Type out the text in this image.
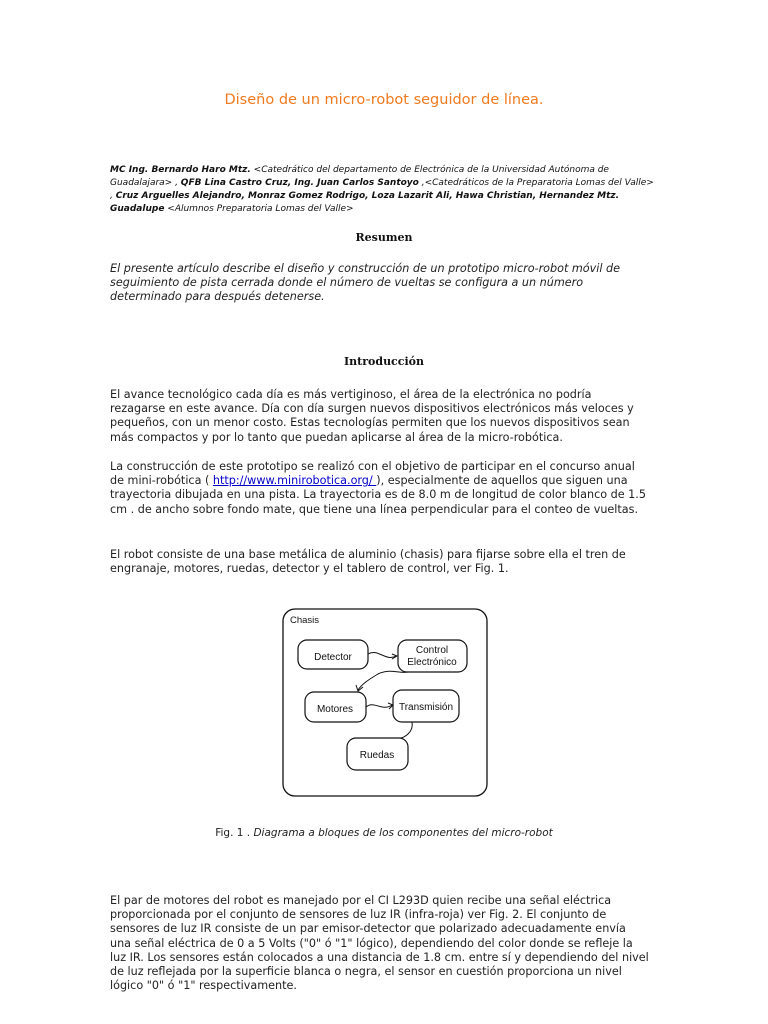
Diseño de un micro-robot seguidor de línea.
MC Ing. Bernardo Haro Mtz. <Catedrático del departamento de Electrónica de la Universidad Autónoma de Guadalajara> , QFB Lina Castro Cruz, Ing. Juan Carlos Santoyo ,<Catedráticos de la Preparatoria Lomas del Valle> , Cruz Arguelles Alejandro, Monraz Gomez Rodrigo, Loza Lazarit Ali, Hawa Christian, Hernandez Mtz. Guadalupe <Alumnos Preparatoria Lomas del Valle>
Resumen
El presente artículo describe el diseño y construcción de un prototipo micro-robot móvil de seguimiento de pista cerrada donde el número de vueltas se configura a un número determinado para después detenerse.
Introducción
El avance tecnológico cada día es más vertiginoso, el área de la electrónica no podría rezagarse en este avance. Día con día surgen nuevos dispositivos electrónicos más veloces y pequeños, con un menor costo. Estas tecnologías permiten que los nuevos dispositivos sean más compactos y por lo tanto que puedan aplicarse al área de la micro-robótica.
La construcción de este prototipo se realizó con el objetivo de participar en el concurso anual de mini-robótica ( http://www.minirobotica.org/ ), especialmente de aquellos que siguen una trayectoria dibujada en una pista. La trayectoria es de 8.0 m de longitud de color blanco de 1.5 cm . de ancho sobre fondo mate, que tiene una línea perpendicular para el conteo de vueltas.
El robot consiste de una base metálica de aluminio (chasis) para fijarse sobre ella el tren de engranaje, motores, ruedas, detector y el tablero de control, ver Fig. 1.
Chasis
Detector
Control
Electrónico
Motores	Transmisión
Ruedas
Fig. 1 . Diagrama a bloques de los componentes del micro-robot
El par de motores del robot es manejado por el CI L293D quien recibe una señal eléctrica proporcionada por el conjunto de sensores de luz IR (infra-roja) ver Fig. 2. El conjunto de sensores de luz IR consiste de un par emisor-detector que polarizado adecuadamente envía una señal eléctrica de 0 a 5 Volts ("0" ó "1" lógico), dependiendo del color donde se refleje la luz IR. Los sensores están colocados a una distancia de 1.8 cm. entre sí y dependiendo del nivel de luz reflejada por la superficie blanca o negra, el sensor en cuestión proporciona un nivel lógico "0" ó "1" respectivamente.
